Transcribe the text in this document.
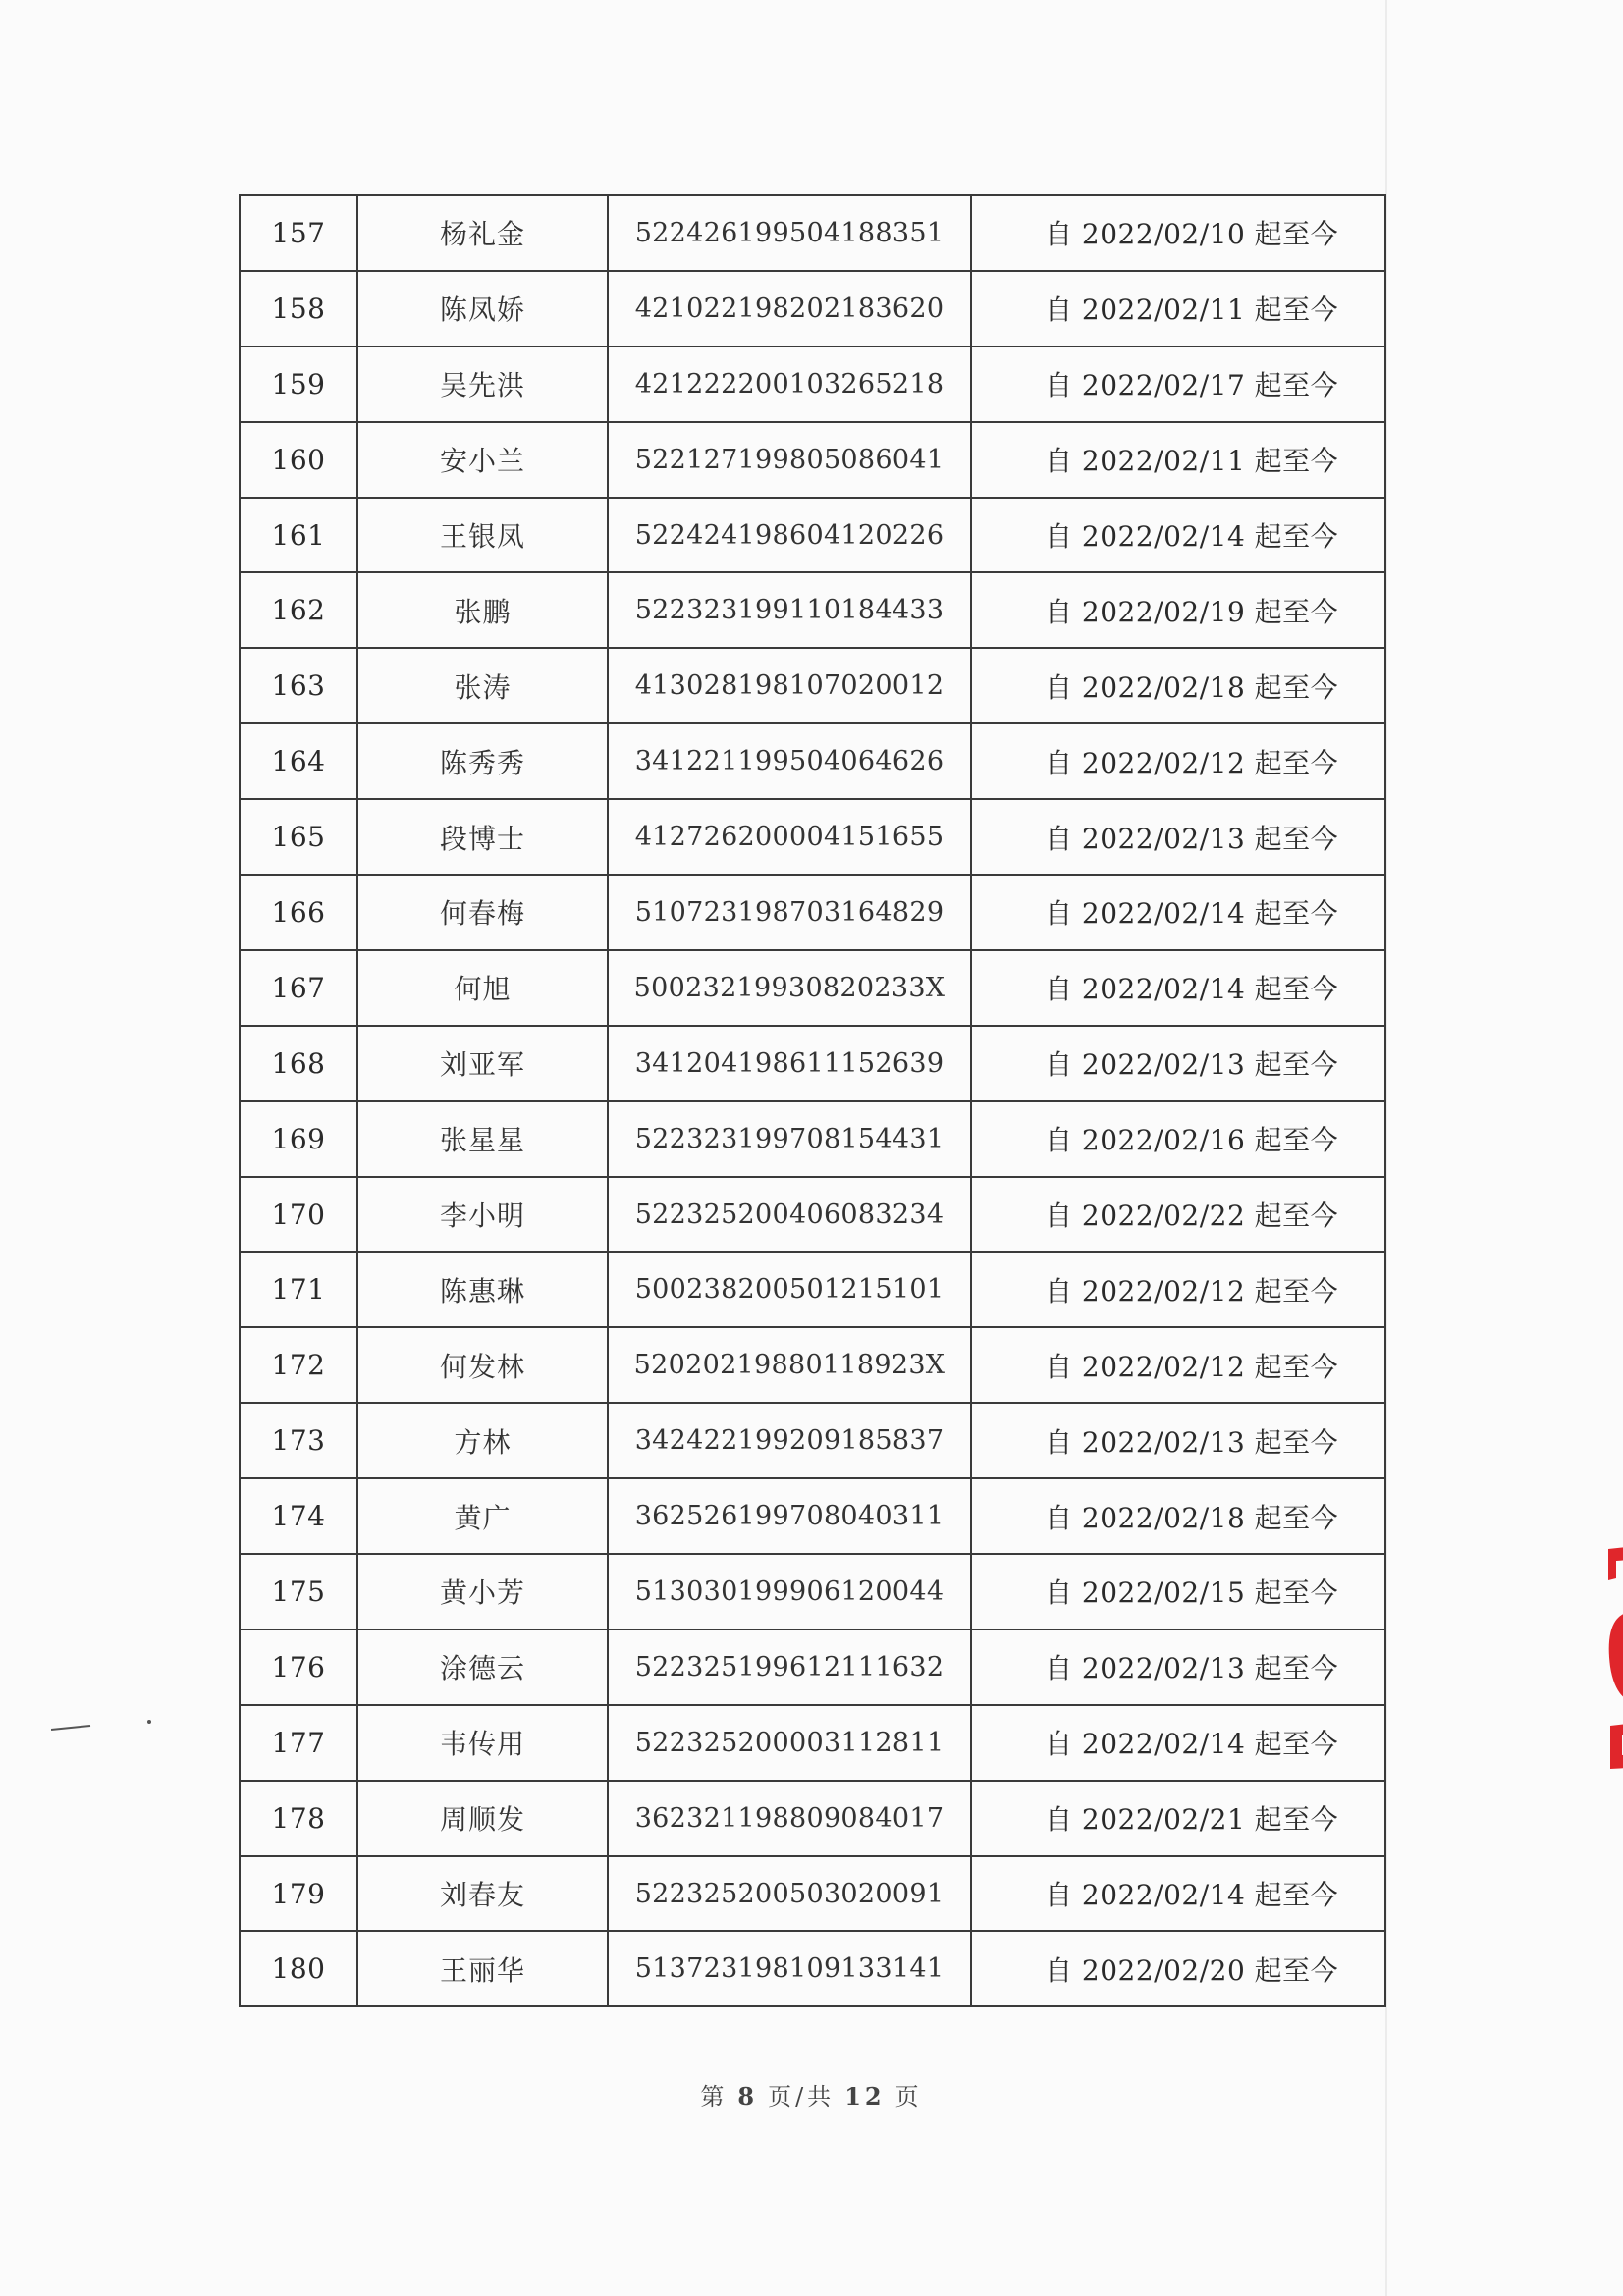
157	杨礼金	522426199504188351	自 2022/02/10 起至今
158	陈凤娇	421022198202183620	自 2022/02/11 起至今
159	吴先洪	421222200103265218	自 2022/02/17 起至今
160	安小兰	522127199805086041	自 2022/02/11 起至今
161	王银凤	522424198604120226	自 2022/02/14 起至今
162	张鹏	522323199110184433	自 2022/02/19 起至今
163	张涛	413028198107020012	自 2022/02/18 起至今
164	陈秀秀	341221199504064626	自 2022/02/12 起至今
165	段博士	412726200004151655	自 2022/02/13 起至今
166	何春梅	510723198703164829	自 2022/02/14 起至今
167	何旭	50023219930820233X	自 2022/02/14 起至今
168	刘亚军	341204198611152639	自 2022/02/13 起至今
169	张星星	522323199708154431	自 2022/02/16 起至今
170	李小明	522325200406083234	自 2022/02/22 起至今
171	陈惠琳	500238200501215101	自 2022/02/12 起至今
172	何发林	52020219880118923X	自 2022/02/12 起至今
173	方林	342422199209185837	自 2022/02/13 起至今
174	黄广	362526199708040311	自 2022/02/18 起至今
175	黄小芳	513030199906120044	自 2022/02/15 起至今
176	涂德云	522325199612111632	自 2022/02/13 起至今
177	韦传用	522325200003112811	自 2022/02/14 起至今
178	周顺发	362321198809084017	自 2022/02/21 起至今
179	刘春友	522325200503020091	自 2022/02/14 起至今
180	王丽华	513723198109133141	自 2022/02/20 起至今
第 8 页/共 12 页
